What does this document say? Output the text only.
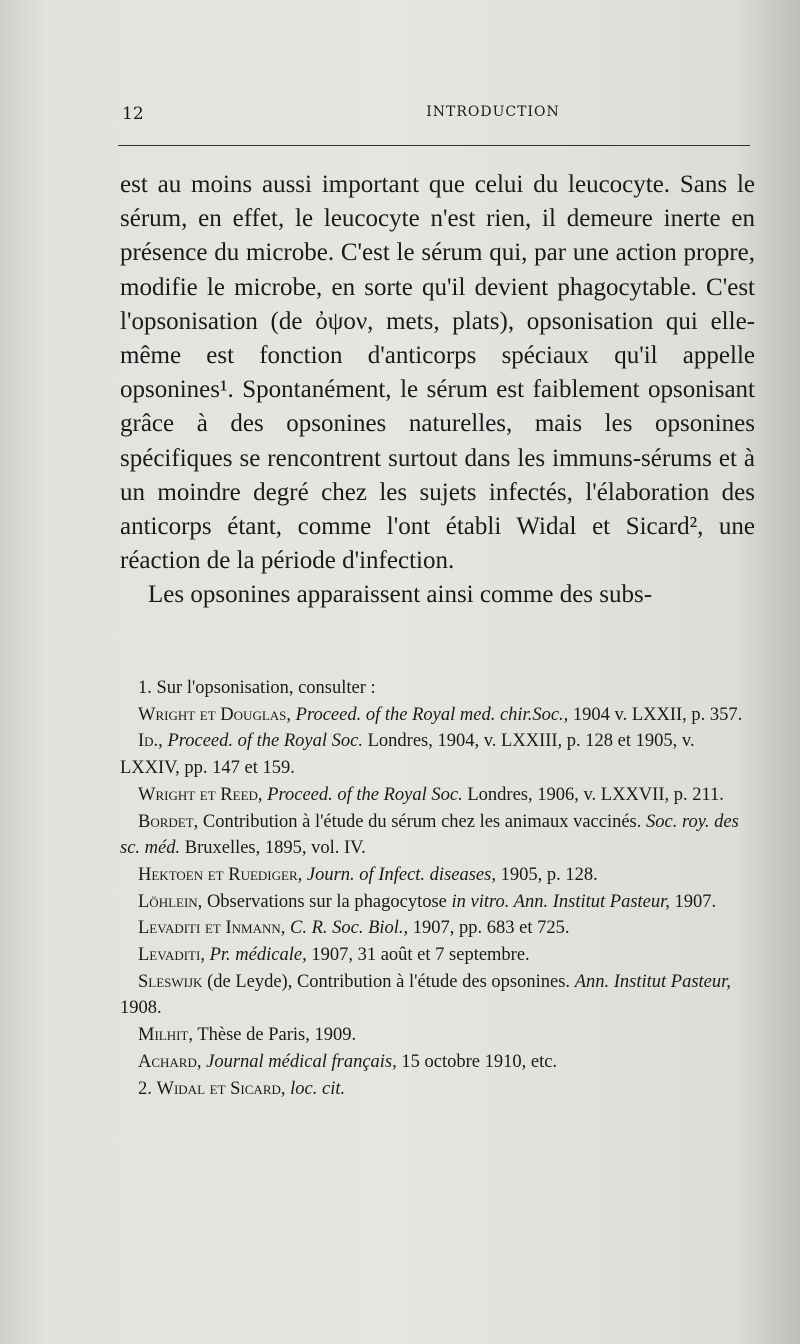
12	INTRODUCTION

est au moins aussi important que celui du leucocyte. Sans le sérum, en effet, le leucocyte n'est rien, il demeure inerte en présence du microbe. C'est le sérum qui, par une action propre, modifie le microbe, en sorte qu'il devient phagocytable. C'est l'opsonisation (de ὀψον, mets, plats), opsonisation qui elle-même est fonction d'anticorps spéciaux qu'il appelle opsonines¹. Spontanément, le sérum est faiblement opsonisant grâce à des opsonines naturelles, mais les opsonines spécifiques se rencontrent surtout dans les immuns-sérums et à un moindre degré chez les sujets infectés, l'élaboration des anticorps étant, comme l'ont établi Widal et Sicard², une réaction de la période d'infection.

Les opsonines apparaissent ainsi comme des subs-

1. Sur l'opsonisation, consulter :

Wright et Douglas, Proceed. of the Royal med. chir.Soc., 1904 v. LXXII, p. 357.

Id., Proceed. of the Royal Soc. Londres, 1904, v. LXXIII, p. 128 et 1905, v. LXXIV, pp. 147 et 159.

Wright et Reed, Proceed. of the Royal Soc. Londres, 1906, v. LXXVII, p. 211.

Bordet, Contribution à l'étude du sérum chez les animaux vaccinés. Soc. roy. des sc. méd. Bruxelles, 1895, vol. IV.

Hektoen et Ruediger, Journ. of Infect. diseases, 1905, p. 128.

Löhlein, Observations sur la phagocytose in vitro. Ann. Institut Pasteur, 1907.

Levaditi et Inmann, C. R. Soc. Biol., 1907, pp. 683 et 725.

Levaditi, Pr. médicale, 1907, 31 août et 7 septembre.

Sleswijk (de Leyde), Contribution à l'étude des opsonines. Ann. Institut Pasteur, 1908.

Milhit, Thèse de Paris, 1909.

Achard, Journal médical français, 15 octobre 1910, etc.

2. Widal et Sicard, loc. cit.
